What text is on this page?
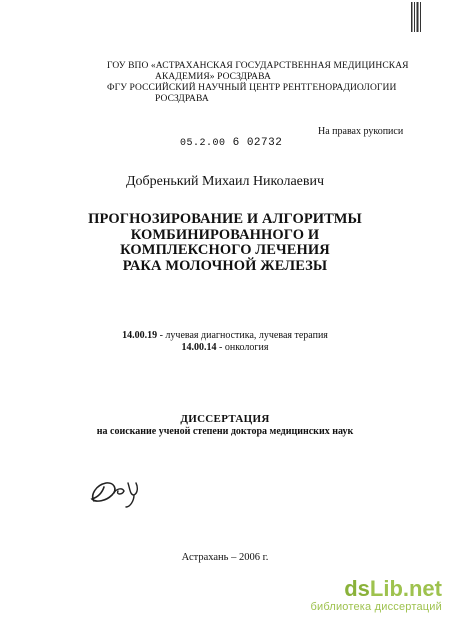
ГОУ ВПО «АСТРАХАНСКАЯ ГОСУДАРСТВЕННАЯ МЕДИЦИНСКАЯ
АКАДЕМИЯ» РОСЗДРАВА
ФГУ РОССИЙСКИЙ НАУЧНЫЙ ЦЕНТР РЕНТГЕНОРАДИОЛОГИИ
РОСЗДРАВА
На правах рукописи
05.2.00 6 02732
Добренький Михаил Николаевич
ПРОГНОЗИРОВАНИЕ И АЛГОРИТМЫ
КОМБИНИРОВАННОГО И
КОМПЛЕКСНОГО ЛЕЧЕНИЯ
РАКА МОЛОЧНОЙ ЖЕЛЕЗЫ
14.00.19 - лучевая диагностика, лучевая терапия
14.00.14 - онкология
ДИССЕРТАЦИЯ
на соискание ученой степени доктора медицинских наук
Астрахань – 2006 г.
dsLib.net
библиотека диссертаций
